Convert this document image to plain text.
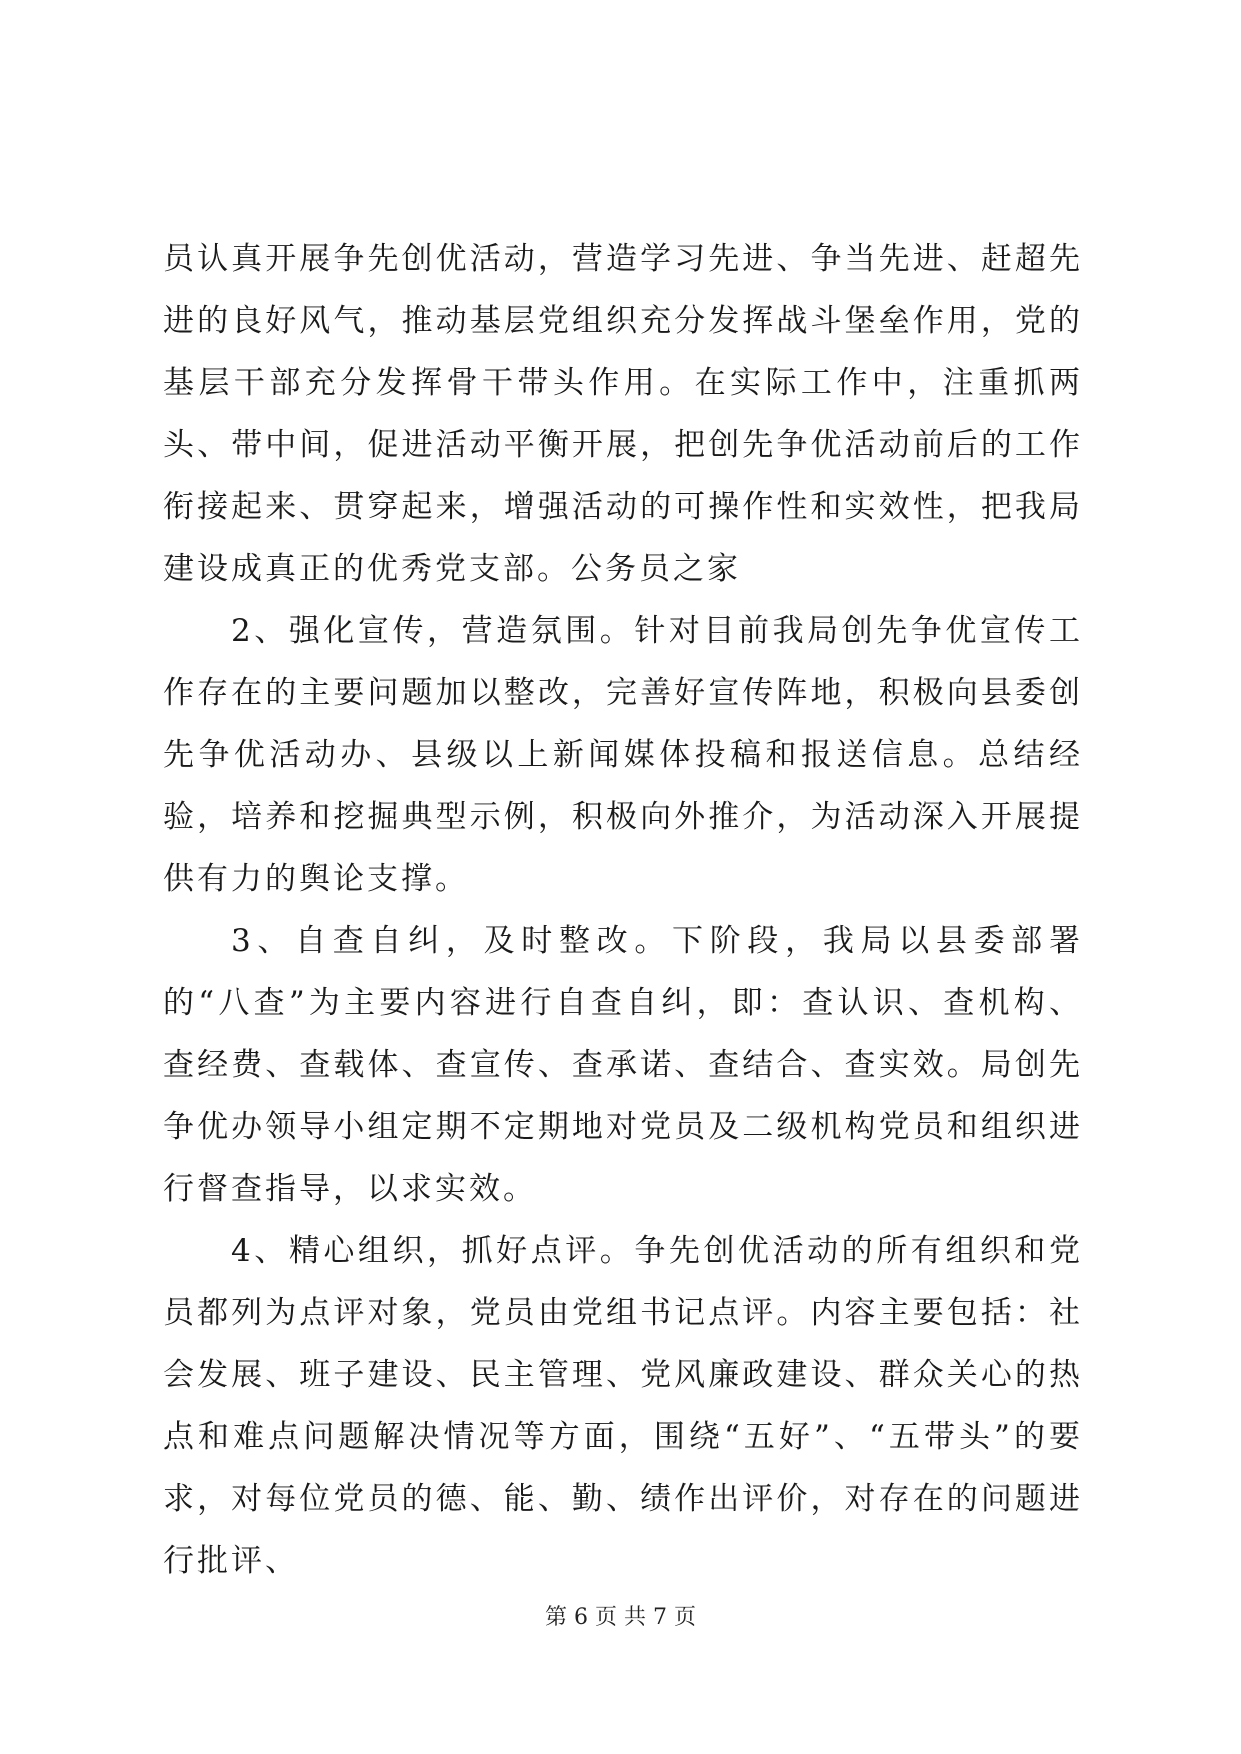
员认真开展争先创优活动，营造学习先进、争当先进、赶超先进的良好风气，推动基层党组织充分发挥战斗堡垒作用，党的基层干部充分发挥骨干带头作用。在实际工作中，注重抓两头、带中间，促进活动平衡开展，把创先争优活动前后的工作衔接起来、贯穿起来，增强活动的可操作性和实效性，把我局建设成真正的优秀党支部。公务员之家

2、强化宣传，营造氛围。针对目前我局创先争优宣传工作存在的主要问题加以整改，完善好宣传阵地，积极向县委创先争优活动办、县级以上新闻媒体投稿和报送信息。总结经验，培养和挖掘典型示例，积极向外推介，为活动深入开展提供有力的舆论支撑。

3、自查自纠，及时整改。下阶段，我局以县委部署的“八查”为主要内容进行自查自纠，即：查认识、查机构、查经费、查载体、查宣传、查承诺、查结合、查实效。局创先争优办领导小组定期不定期地对党员及二级机构党员和组织进行督查指导，以求实效。

4、精心组织，抓好点评。争先创优活动的所有组织和党员都列为点评对象，党员由党组书记点评。内容主要包括：社会发展、班子建设、民主管理、党风廉政建设、群众关心的热点和难点问题解决情况等方面，围绕“五好”、“五带头”的要求，对每位党员的德、能、勤、绩作出评价，对存在的问题进行批评、

第 6 页 共 7 页
